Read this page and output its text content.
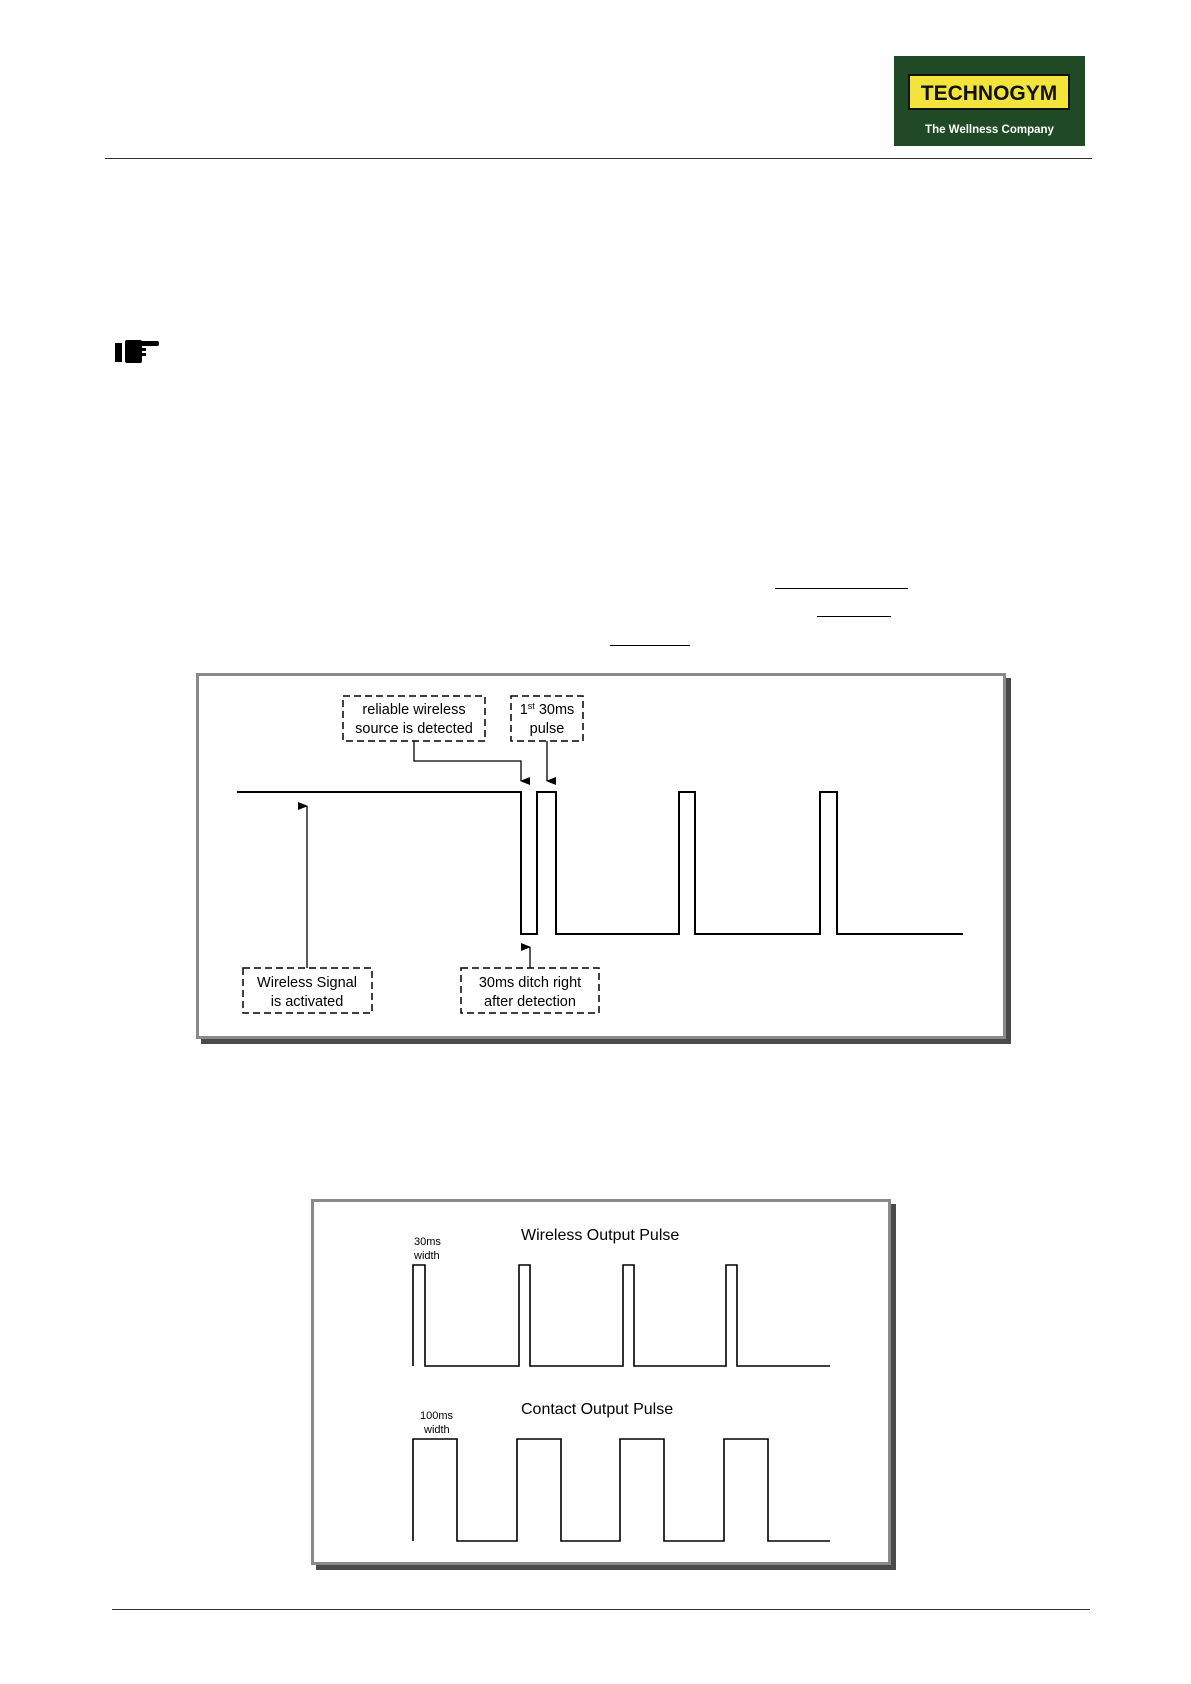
TECHNOGYM
The Wellness Company
reliable wireless
source is detected
1st 30ms
pulse
Wireless Signal
is activated
30ms ditch right
after detection
Wireless Output Pulse
30ms
width
Contact Output Pulse
100ms
width
